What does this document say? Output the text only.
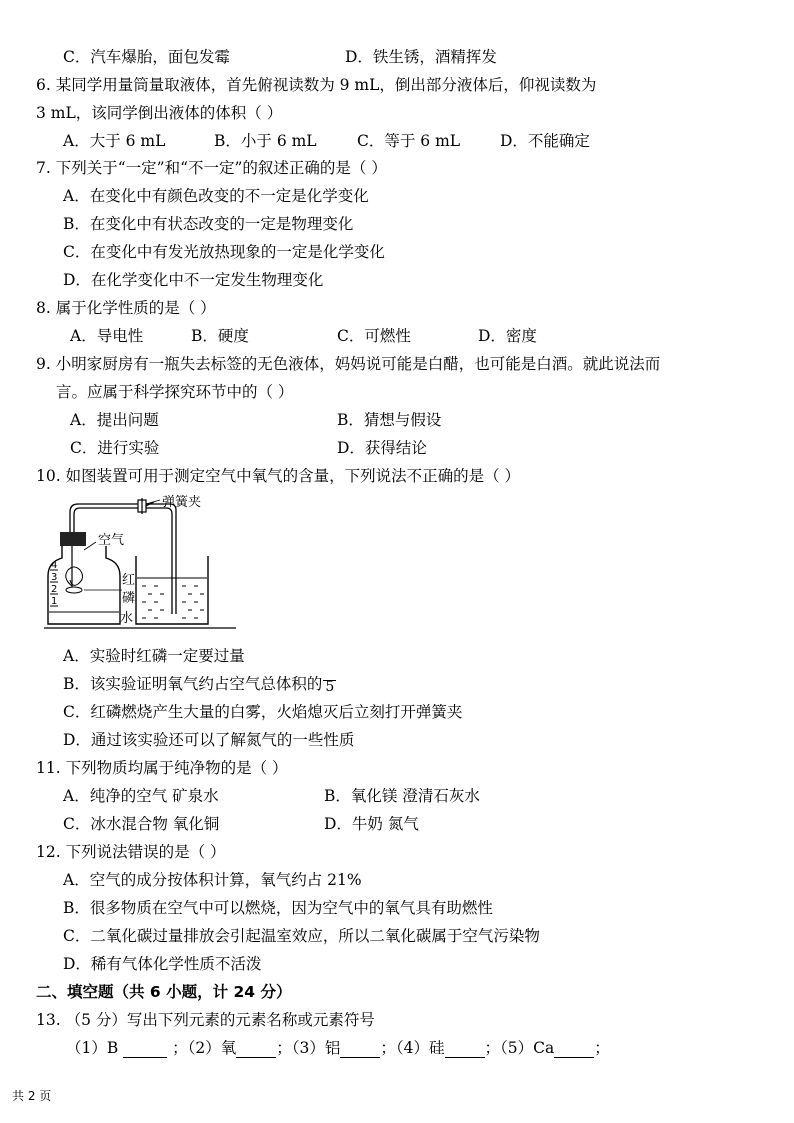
C．汽车爆胎，面包发霉	D．铁生锈，酒精挥发
6. 某同学用量筒量取液体，首先俯视读数为 9 mL，倒出部分液体后，仰视读数为
3 mL，该同学倒出液体的体积（ ）
A．大于 6 mL	B．小于 6 mL	C．等于 6 mL	D．不能确定
7. 下列关于“一定”和“不一定”的叙述正确的是（ ）
A．在变化中有颜色改变的不一定是化学变化
B．在变化中有状态改变的一定是物理变化
C．在变化中有发光放热现象的一定是化学变化
D．在化学变化中不一定发生物理变化
8. 属于化学性质的是（ ）
A．导电性	B．硬度	C．可燃性	D．密度
9. 小明家厨房有一瓶失去标签的无色液体，妈妈说可能是白醋，也可能是白酒。就此说法而
言。应属于科学探究环节中的（ ）
A．提出问题	B．猜想与假设
C．进行实验	D．获得结论
10. 如图装置可用于测定空气中氧气的含量，下列说法不正确的是（ ）
弹簧夹
4
3
2
1
空气
红
磷
水
A．实验时红磷一定要过量
B．该实验证明氧气约占空气总体积的 5
C．红磷燃烧产生大量的白雾，火焰熄灭后立刻打开弹簧夹
D．通过该实验还可以了解氮气的一些性质
11. 下列物质均属于纯净物的是（ ）
A．纯净的空气 矿泉水	B．氧化镁 澄清石灰水
C．冰水混合物 氧化铜	D．牛奶 氮气
12. 下列说法错误的是（ ）
A．空气的成分按体积计算，氧气约占 21%
B．很多物质在空气中可以燃烧，因为空气中的氧气具有助燃性
C．二氧化碳过量排放会引起温室效应，所以二氧化碳属于空气污染物
D．稀有气体化学性质不活泼
二、填空题（共 6 小题，计 24 分）
13. （5 分）写出下列元素的元素名称或元素符号
（1）B	；（2）氧	；（3）铝	；（4）硅	；（5）Ca	；
共 2 页
